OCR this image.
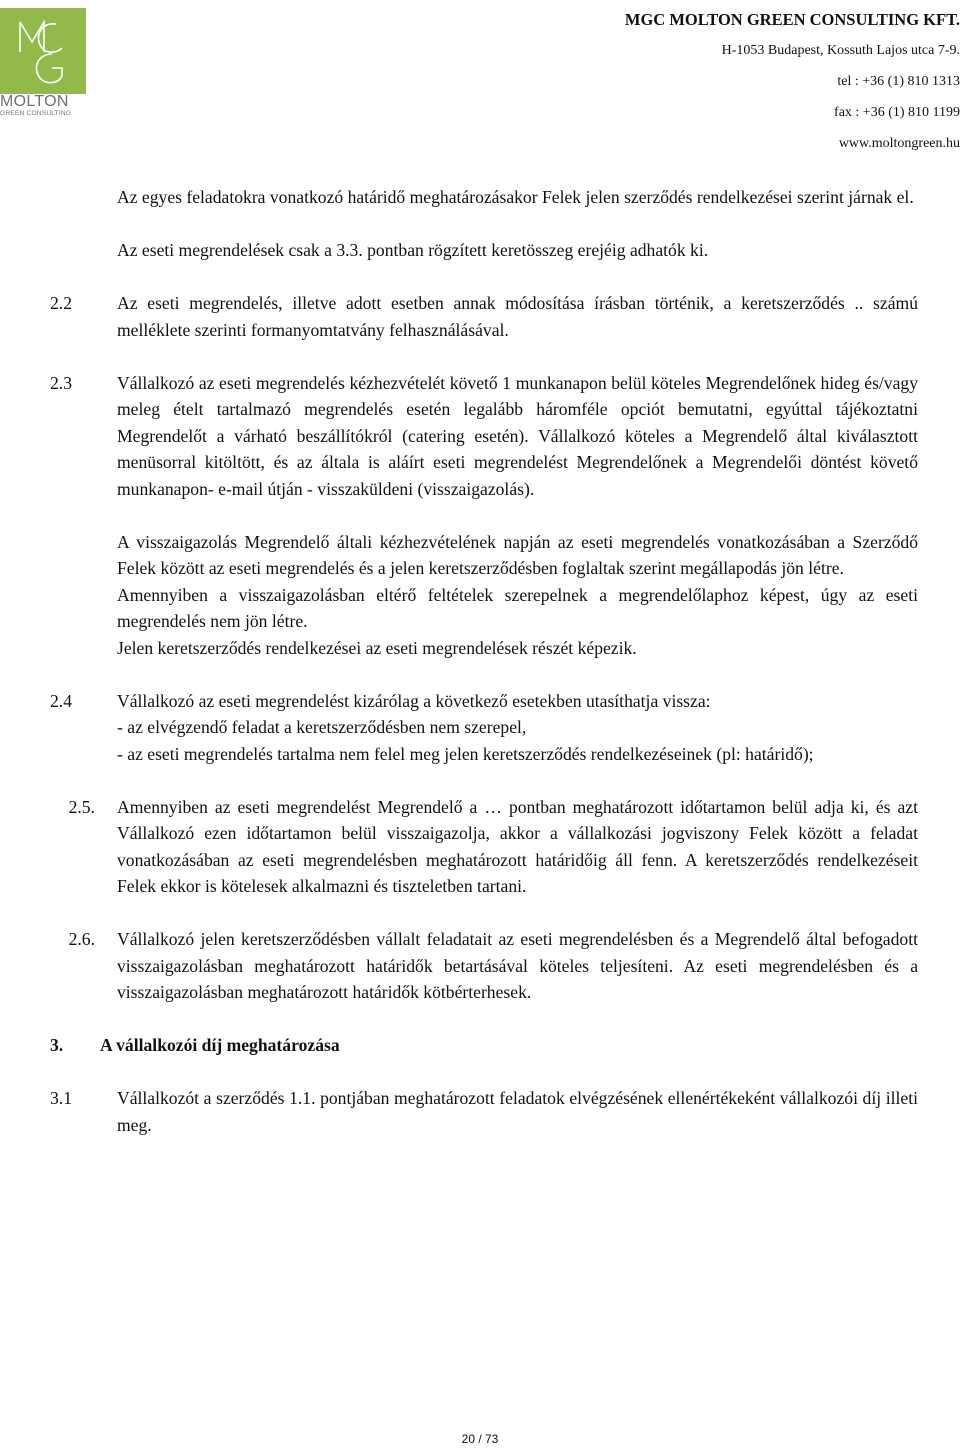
MOLTON
GREEN CONSULTING
MGC MOLTON GREEN CONSULTING KFT.
H-1053 Budapest, Kossuth Lajos utca 7-9.
tel : +36 (1) 810 1313
fax : +36 (1) 810 1199
www.moltongreen.hu
Az egyes feladatokra vonatkozó határidő meghatározásakor Felek jelen szerződés rendelkezései szerint járnak el.
Az eseti megrendelések csak a 3.3. pontban rögzített keretösszeg erejéig adhatók ki.
2.2	Az eseti megrendelés, illetve adott esetben annak módosítása írásban történik, a keretszerződés .. számú melléklete szerinti formanyomtatvány felhasználásával.
2.3	Vállalkozó az eseti megrendelés kézhezvételét követő 1 munkanapon belül köteles Megrendelőnek hideg és/vagy meleg ételt tartalmazó megrendelés esetén legalább háromféle opciót bemutatni, egyúttal tájékoztatni Megrendelőt a várható beszállítókról (catering esetén). Vállalkozó köteles a Megrendelő által kiválasztott menüsorral kitöltött, és az általa is aláírt eseti megrendelést Megrendelőnek a Megrendelői döntést követő munkanapon- e-mail útján - visszaküldeni (visszaigazolás).
A visszaigazolás Megrendelő általi kézhezvételének napján az eseti megrendelés vonatkozásában a Szerződő Felek között az eseti megrendelés és a jelen keretszerződésben foglaltak szerint megállapodás jön létre.
Amennyiben a visszaigazolásban eltérő feltételek szerepelnek a megrendelőlaphoz képest, úgy az eseti megrendelés nem jön létre.
Jelen keretszerződés rendelkezései az eseti megrendelések részét képezik.
2.4	Vállalkozó az eseti megrendelést kizárólag a következő esetekben utasíthatja vissza:
- az elvégzendő feladat a keretszerződésben nem szerepel,
- az eseti megrendelés tartalma nem felel meg jelen keretszerződés rendelkezéseinek (pl: határidő);
2.5.	Amennyiben az eseti megrendelést Megrendelő a … pontban meghatározott időtartamon belül adja ki, és azt Vállalkozó ezen időtartamon belül visszaigazolja, akkor a vállalkozási jogviszony Felek között a feladat vonatkozásában az eseti megrendelésben meghatározott határidőig áll fenn. A keretszerződés rendelkezéseit Felek ekkor is kötelesek alkalmazni és tiszteletben tartani.
2.6.	Vállalkozó jelen keretszerződésben vállalt feladatait az eseti megrendelésben és a Megrendelő által befogadott visszaigazolásban meghatározott határidők betartásával köteles teljesíteni. Az eseti megrendelésben és a visszaigazolásban meghatározott határidők kötbérterhesek.
3.	A vállalkozói díj meghatározása
3.1	Vállalkozót a szerződés 1.1. pontjában meghatározott feladatok elvégzésének ellenértékeként vállalkozói díj illeti meg.
20 / 73
